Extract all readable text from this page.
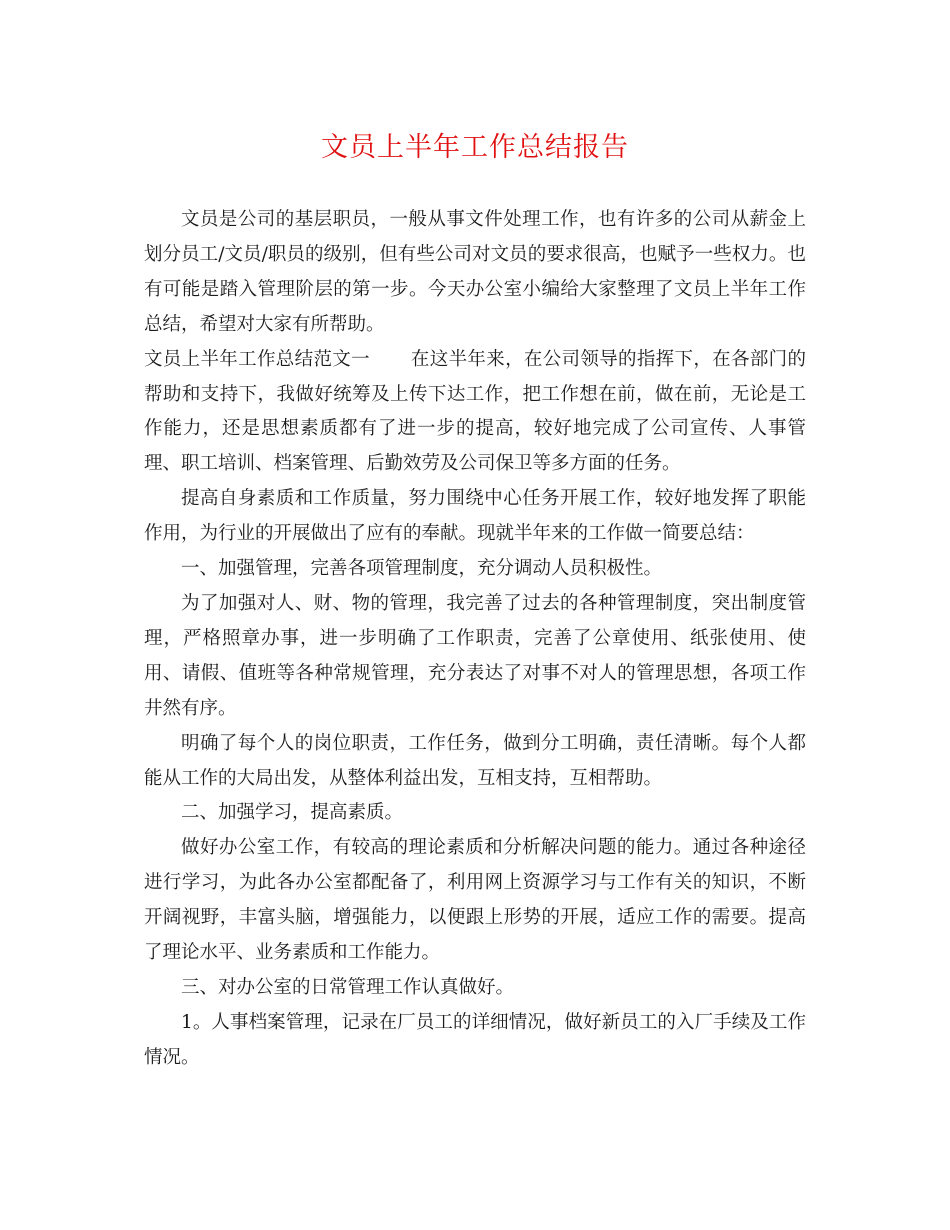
文员上半年工作总结报告

文员是公司的基层职员，一般从事文件处理工作，也有许多的公司从薪金上划分员工/文员/职员的级别，但有些公司对文员的要求很高，也赋予一些权力。也有可能是踏入管理阶层的第一步。今天办公室小编给大家整理了文员上半年工作总结，希望对大家有所帮助。

文员上半年工作总结范文一 在这半年来，在公司领导的指挥下，在各部门的帮助和支持下，我做好统筹及上传下达工作，把工作想在前，做在前，无论是工作能力，还是思想素质都有了进一步的提高，较好地完成了公司宣传、人事管理、职工培训、档案管理、后勤效劳及公司保卫等多方面的任务。

提高自身素质和工作质量，努力围绕中心任务开展工作，较好地发挥了职能作用，为行业的开展做出了应有的奉献。现就半年来的工作做一简要总结：

一、加强管理，完善各项管理制度，充分调动人员积极性。

为了加强对人、财、物的管理，我完善了过去的各种管理制度，突出制度管理，严格照章办事，进一步明确了工作职责，完善了公章使用、纸张使用、使用、请假、值班等各种常规管理，充分表达了对事不对人的管理思想，各项工作井然有序。

明确了每个人的岗位职责，工作任务，做到分工明确，责任清晰。每个人都能从工作的大局出发，从整体利益出发，互相支持，互相帮助。

二、加强学习，提高素质。

做好办公室工作，有较高的理论素质和分析解决问题的能力。通过各种途径进行学习，为此各办公室都配备了，利用网上资源学习与工作有关的知识，不断开阔视野，丰富头脑，增强能力，以便跟上形势的开展，适应工作的需要。提高了理论水平、业务素质和工作能力。

三、对办公室的日常管理工作认真做好。

1。人事档案管理，记录在厂员工的详细情况，做好新员工的入厂手续及工作情况。
